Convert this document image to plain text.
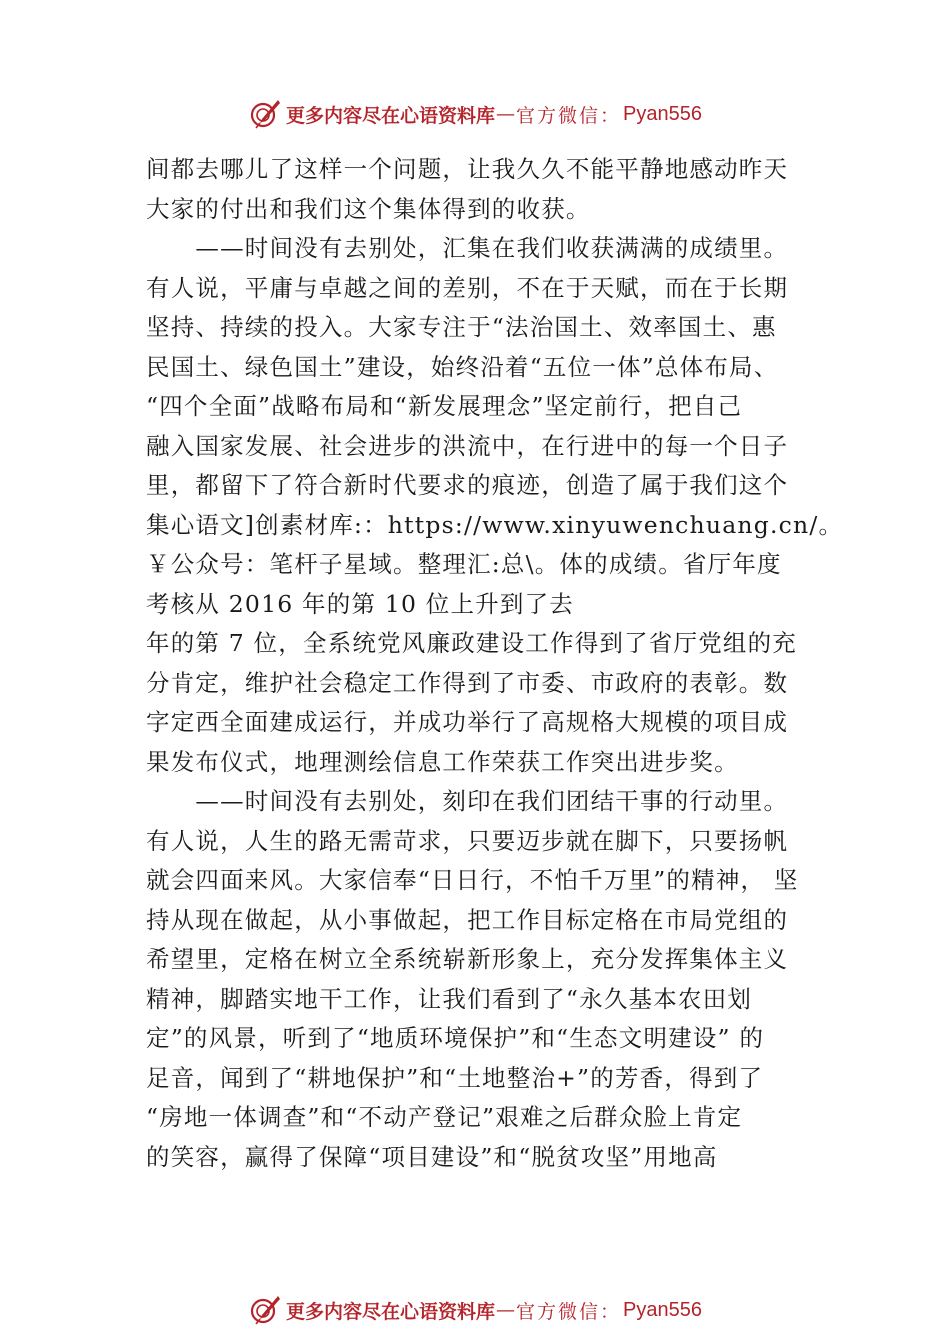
更多内容尽在心语资料库 — 官方微信： Pyan556
间都去哪儿了这样一个问题，让我久久不能平静地感动昨天
大家的付出和我们这个集体得到的收获。
　　——时间没有去别处，汇集在我们收获满满的成绩里。
有人说，平庸与卓越之间的差别，不在于天赋，而在于长期
坚持、持续的投入。大家专注于“法治国土、效率国土、惠
民国土、绿色国土”建设，始终沿着“五位一体”总体布局、
“四个全面”战略布局和“新发展理念”坚定前行，把自己
融入国家发展、社会进步的洪流中，在行进中的每一个日子
里，都留下了符合新时代要求的痕迹，创造了属于我们这个
集心语文]创素材库:：https://www.xinyuwenchuang.cn/。
￥公众号：笔杆子星域。整理汇:总\。体的成绩。省厅年度
考核从 2016 年的第 10 位上升到了去
年的第 7 位，全系统党风廉政建设工作得到了省厅党组的充
分肯定，维护社会稳定工作得到了市委、市政府的表彰。数
字定西全面建成运行，并成功举行了高规格大规模的项目成
果发布仪式，地理测绘信息工作荣获工作突出进步奖。
　　——时间没有去别处，刻印在我们团结干事的行动里。
有人说，人生的路无需苛求，只要迈步就在脚下，只要扬帆
就会四面来风。大家信奉“日日行，不怕千万里”的精神， 坚
持从现在做起，从小事做起，把工作目标定格在市局党组的
希望里，定格在树立全系统崭新形象上，充分发挥集体主义
精神，脚踏实地干工作，让我们看到了“永久基本农田划
定”的风景，听到了“地质环境保护”和“生态文明建设” 的
足音，闻到了“耕地保护”和“土地整治+”的芳香，得到了
“房地一体调查”和“不动产登记”艰难之后群众脸上肯定
的笑容，赢得了保障“项目建设”和“脱贫攻坚”用地高
更多内容尽在心语资料库 — 官方微信： Pyan556
